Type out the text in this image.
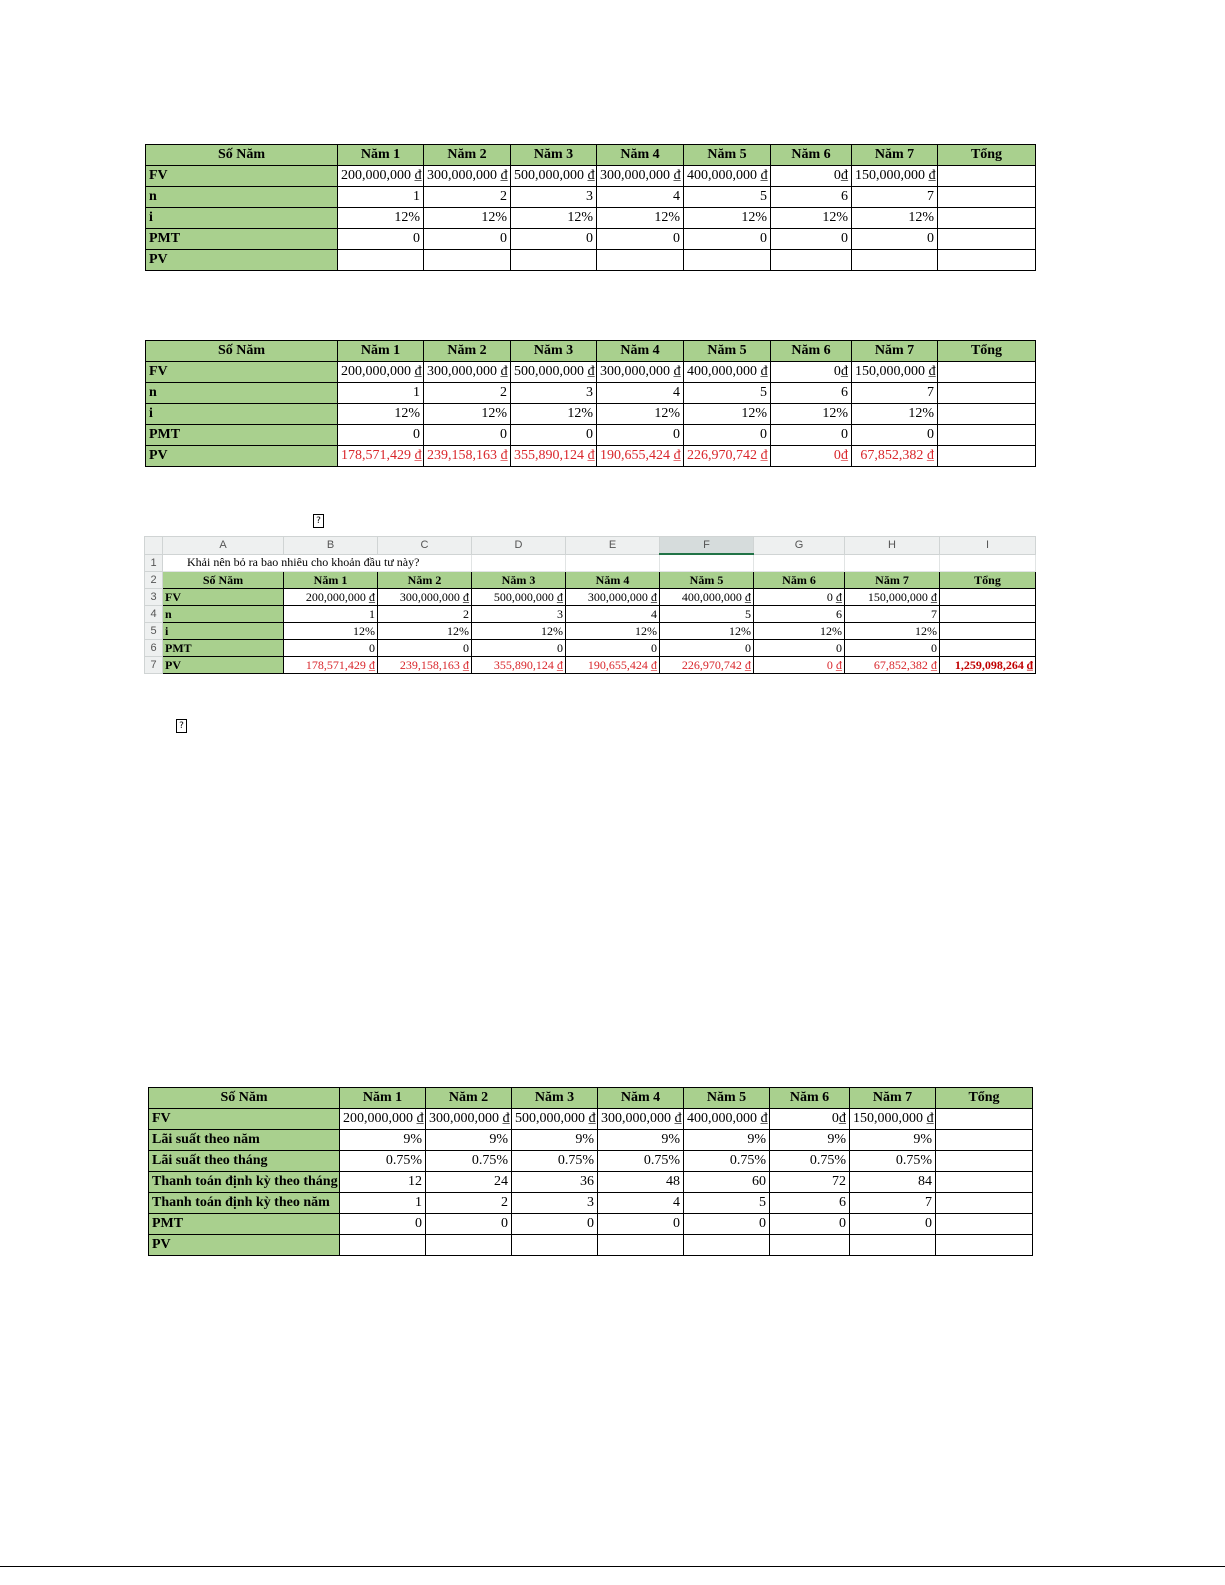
Số Năm	Năm 1	Năm 2	Năm 3	Năm 4	Năm 5	Năm 6	Năm 7	Tổng
FV	200,000,000 ₫	300,000,000 ₫	500,000,000 ₫	300,000,000 ₫	400,000,000 ₫	0₫	150,000,000 ₫	
n	1	2	3	4	5	6	7	
i	12%	12%	12%	12%	12%	12%	12%	
PMT	0	0	0	0	0	0	0	
PV								
Số Năm	Năm 1	Năm 2	Năm 3	Năm 4	Năm 5	Năm 6	Năm 7	Tổng
FV	200,000,000 ₫	300,000,000 ₫	500,000,000 ₫	300,000,000 ₫	400,000,000 ₫	0₫	150,000,000 ₫	
n	1	2	3	4	5	6	7	
i	12%	12%	12%	12%	12%	12%	12%	
PMT	0	0	0	0	0	0	0	
PV	178,571,429 ₫	239,158,163 ₫	355,890,124 ₫	190,655,424 ₫	226,970,742 ₫	0₫	67,852,382 ₫	
?
	A	B	C	D	E	F	G	H	I
1	Khải nên bỏ ra bao nhiêu cho khoản đầu tư này?								
2	Số Năm	Năm 1	Năm 2	Năm 3	Năm 4	Năm 5	Năm 6	Năm 7	Tổng
3	FV	200,000,000 ₫	300,000,000 ₫	500,000,000 ₫	300,000,000 ₫	400,000,000 ₫	0 ₫	150,000,000 ₫	
4	n	1	2	3	4	5	6	7	
5	i	12%	12%	12%	12%	12%	12%	12%	
6	PMT	0	0	0	0	0	0	0	
7	PV	178,571,429 ₫	239,158,163 ₫	355,890,124 ₫	190,655,424 ₫	226,970,742 ₫	0 ₫	67,852,382 ₫	1,259,098,264 ₫
?
Số Năm	Năm 1	Năm 2	Năm 3	Năm 4	Năm 5	Năm 6	Năm 7	Tổng
FV	200,000,000 ₫	300,000,000 ₫	500,000,000 ₫	300,000,000 ₫	400,000,000 ₫	0₫	150,000,000 ₫	
Lãi suất theo năm	9%	9%	9%	9%	9%	9%	9%	
Lãi suất theo tháng	0.75%	0.75%	0.75%	0.75%	0.75%	0.75%	0.75%	
Thanh toán định kỳ theo tháng	12	24	36	48	60	72	84	
Thanh toán định kỳ theo năm	1	2	3	4	5	6	7	
PMT	0	0	0	0	0	0	0	
PV								
